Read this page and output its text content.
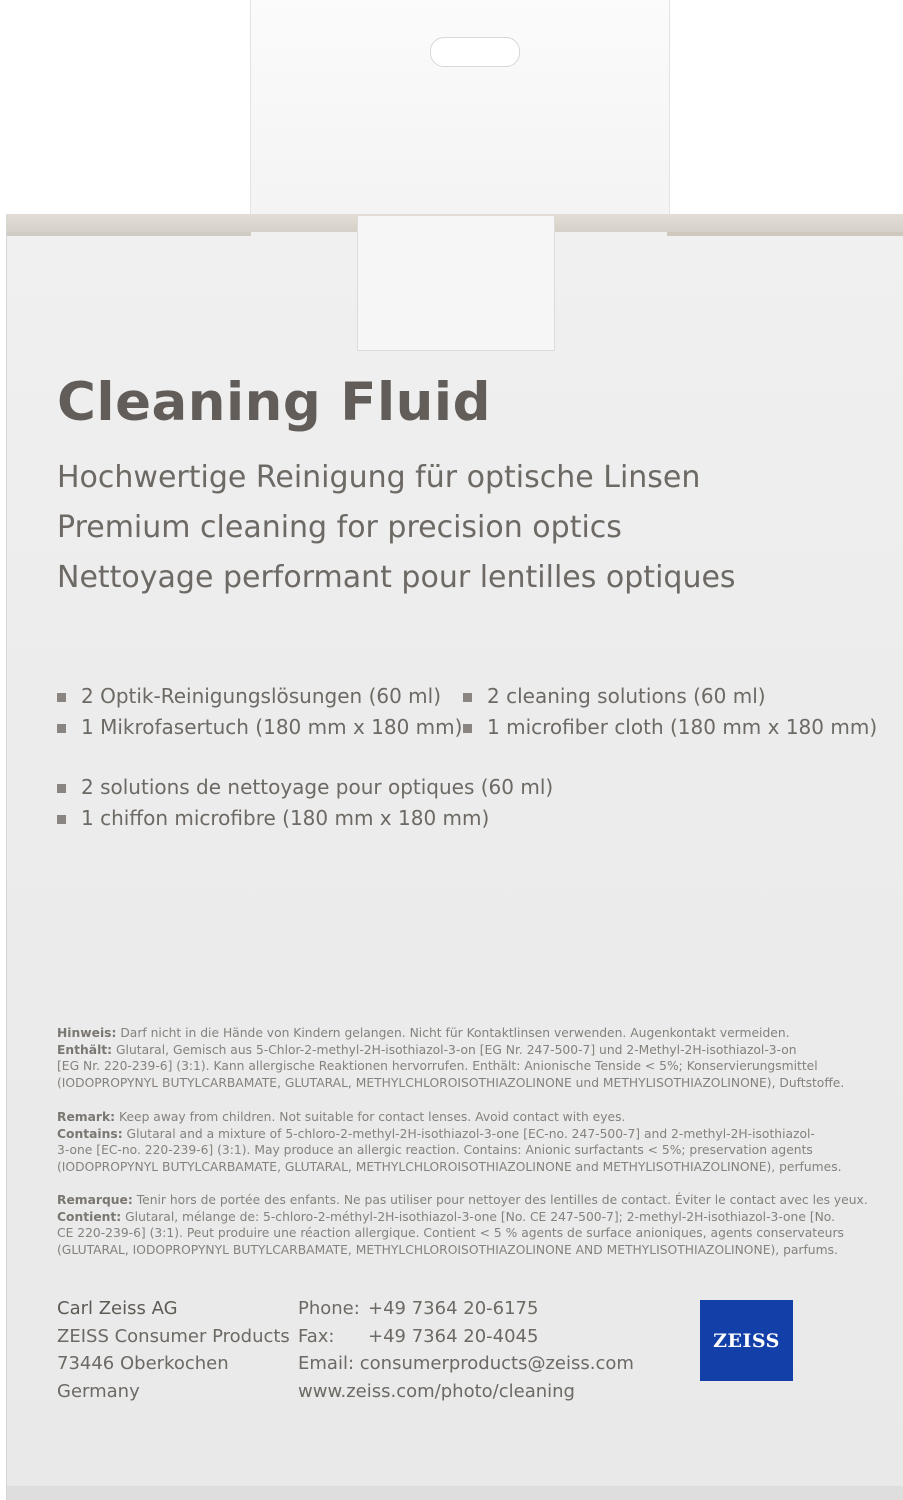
Cleaning Fluid
Hochwertige Reinigung für optische Linsen
Premium cleaning for precision optics
Nettoyage performant pour lentilles optiques
2 Optik-Reinigungslösungen (60 ml)
1 Mikrofasertuch (180 mm x 180 mm)
2 cleaning solutions (60 ml)
1 microfiber cloth (180 mm x 180 mm)
2 solutions de nettoyage pour optiques (60 ml)
1 chiffon microfibre (180 mm x 180 mm)
Hinweis: Darf nicht in die Hände von Kindern gelangen. Nicht für Kontaktlinsen verwenden. Augenkontakt vermeiden.
Enthält: Glutaral, Gemisch aus 5-Chlor-2-methyl-2H-isothiazol-3-on [EG Nr. 247-500-7] und 2-Methyl-2H-isothiazol-3-on
[EG Nr. 220-239-6] (3:1). Kann allergische Reaktionen hervorrufen. Enthält: Anionische Tenside < 5%; Konservierungsmittel
(IODOPROPYNYL BUTYLCARBAMATE, GLUTARAL, METHYLCHLOROISOTHIAZOLINONE und METHYLISOTHIAZOLINONE), Duftstoffe.
Remark: Keep away from children. Not suitable for contact lenses. Avoid contact with eyes.
Contains: Glutaral and a mixture of 5-chloro-2-methyl-2H-isothiazol-3-one [EC-no. 247-500-7] and 2-methyl-2H-isothiazol-
3-one [EC-no. 220-239-6] (3:1). May produce an allergic reaction. Contains: Anionic surfactants < 5%; preservation agents
(IODOPROPYNYL BUTYLCARBAMATE, GLUTARAL, METHYLCHLOROISOTHIAZOLINONE and METHYLISOTHIAZOLINONE), perfumes.
Remarque: Tenir hors de portée des enfants. Ne pas utiliser pour nettoyer des lentilles de contact. Éviter le contact avec les yeux.
Contient: Glutaral, mélange de: 5-chloro-2-méthyl-2H-isothiazol-3-one [No. CE 247-500-7]; 2-methyl-2H-isothiazol-3-one [No.
CE 220-239-6] (3:1). Peut produire une réaction allergique. Contient < 5 % agents de surface anioniques, agents conservateurs
(GLUTARAL, IODOPROPYNYL BUTYLCARBAMATE, METHYLCHLOROISOTHIAZOLINONE AND METHYLISOTHIAZOLINONE), parfums.
Carl Zeiss AG
ZEISS Consumer Products
73446 Oberkochen
Germany
Phone: +49 7364 20-6175
Fax: +49 7364 20-4045
Email: consumerproducts@zeiss.com
www.zeiss.com/photo/cleaning
ZEISS
